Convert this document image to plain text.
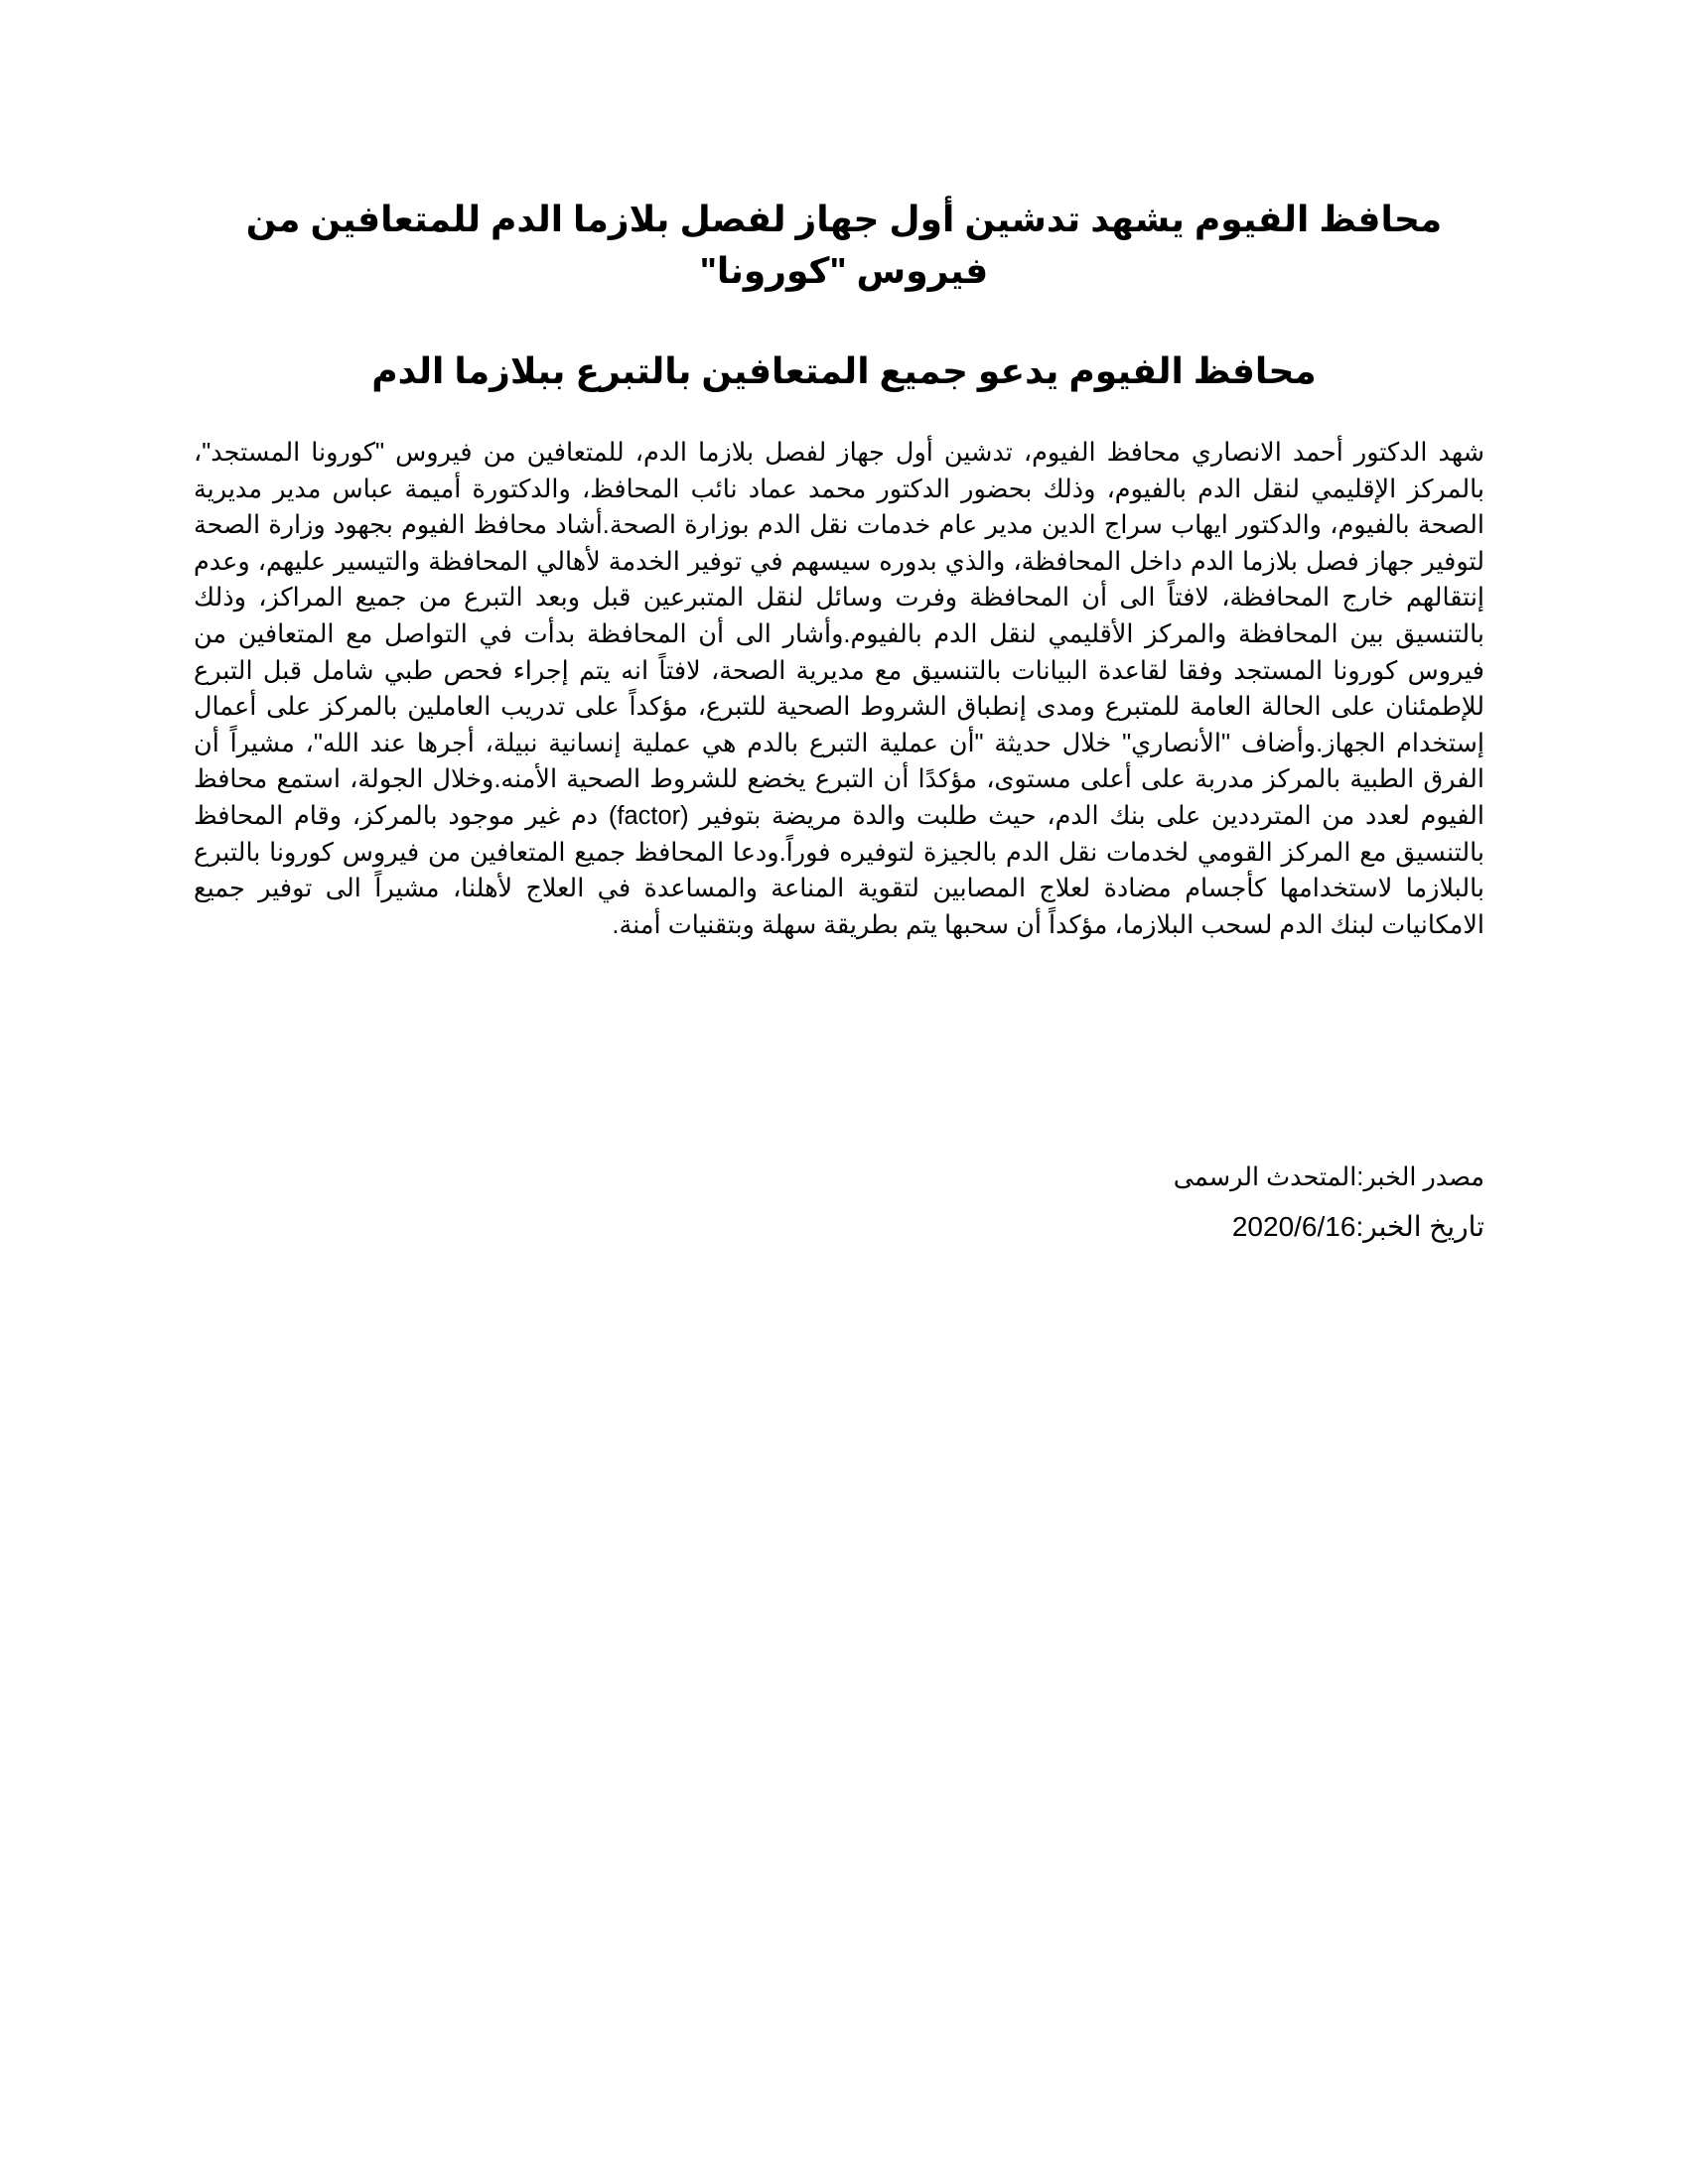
محافظ الفيوم يشهد تدشين أول جهاز لفصل بلازما الدم للمتعافين من فيروس "كورونا"
محافظ الفيوم يدعو جميع المتعافين بالتبرع ببلازما الدم

شهد الدكتور أحمد الانصاري محافظ الفيوم، تدشين أول جهاز لفصل بلازما الدم، للمتعافين من فيروس "كورونا المستجد"، بالمركز الإقليمي لنقل الدم بالفيوم، وذلك بحضور الدكتور محمد عماد نائب المحافظ، والدكتورة أميمة عباس مدير مديرية الصحة بالفيوم، والدكتور ايهاب سراج الدين مدير عام خدمات نقل الدم بوزارة الصحة.أشاد محافظ الفيوم بجهود وزارة الصحة لتوفير جهاز فصل بلازما الدم داخل المحافظة، والذي بدوره سيسهم في توفير الخدمة لأهالي المحافظة والتيسير عليهم، وعدم إنتقالهم خارج المحافظة، لافتاً الى أن المحافظة وفرت وسائل لنقل المتبرعين قبل وبعد التبرع من جميع المراكز، وذلك بالتنسيق بين المحافظة والمركز الأقليمي لنقل الدم بالفيوم.وأشار الى أن المحافظة بدأت في التواصل مع المتعافين من فيروس كورونا المستجد وفقا لقاعدة البيانات بالتنسيق مع مديرية الصحة، لافتاً انه يتم إجراء فحص طبي شامل قبل التبرع للإطمئنان على الحالة العامة للمتبرع ومدى إنطباق الشروط الصحية للتبرع، مؤكداً على تدريب العاملين بالمركز على أعمال إستخدام الجهاز.وأضاف "الأنصاري" خلال حديثة "أن عملية التبرع بالدم هي عملية إنسانية نبيلة، أجرها عند الله"، مشيراً أن الفرق الطبية بالمركز مدربة على أعلى مستوى، مؤكدًا أن التبرع يخضع للشروط الصحية الأمنه.وخلال الجولة، استمع محافظ الفيوم لعدد من المترددين على بنك الدم، حيث طلبت والدة مريضة بتوفير (factor) دم غير موجود بالمركز، وقام المحافظ بالتنسيق مع المركز القومي لخدمات نقل الدم بالجيزة لتوفيره فوراً.ودعا المحافظ جميع المتعافين من فيروس كورونا بالتبرع بالبلازما لاستخدامها كأجسام مضادة لعلاج المصابين لتقوية المناعة والمساعدة في العلاج لأهلنا، مشيراً الى توفير جميع الامكانيات لبنك الدم لسحب البلازما، مؤكداً أن سحبها يتم بطريقة سهلة وبتقنيات أمنة.

مصدر الخبر:المتحدث الرسمى

تاريخ الخبر:2020/6/16
